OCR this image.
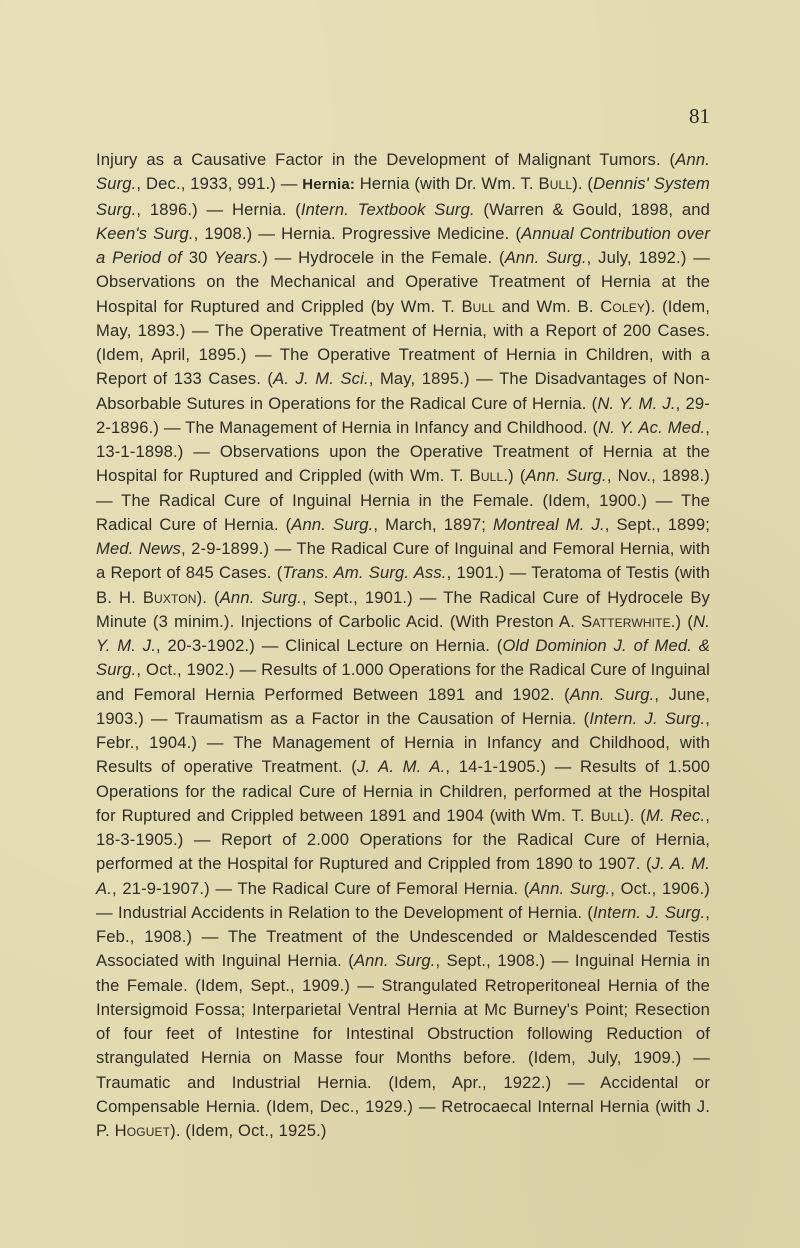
81
Injury as a Causative Factor in the Development of Malignant Tumors. (Ann. Surg., Dec., 1933, 991.) — Hernia: Hernia (with Dr. Wm. T. Bull). (Dennis' System Surg., 1896.) — Hernia. (Intern. Textbook Surg. (Warren & Gould, 1898, and Keen's Surg., 1908.) — Hernia. Progressive Medicine. (Annual Contribution over a Period of 30 Years.) — Hydrocele in the Female. (Ann. Surg., July, 1892.) — Observations on the Mechanical and Operative Treatment of Hernia at the Hospital for Ruptured and Crippled (by Wm. T. Bull and Wm. B. Coley). (Idem, May, 1893.) — The Operative Treatment of Hernia, with a Report of 200 Cases. (Idem, April, 1895.) — The Operative Treatment of Hernia in Children, with a Report of 133 Cases. (A. J. M. Sci., May, 1895.) — The Disadvantages of Non-Absorbable Sutures in Operations for the Radical Cure of Hernia. (N. Y. M. J., 29-2-1896.) — The Management of Hernia in Infancy and Childhood. (N. Y. Ac. Med., 13-1-1898.) — Observations upon the Operative Treatment of Hernia at the Hospital for Ruptured and Crippled (with Wm. T. Bull.) (Ann. Surg., Nov., 1898.) — The Radical Cure of Inguinal Hernia in the Female. (Idem, 1900.) — The Radical Cure of Hernia. (Ann. Surg., March, 1897; Montreal M. J., Sept., 1899; Med. News, 2-9-1899.) — The Radical Cure of Inguinal and Femoral Hernia, with a Report of 845 Cases. (Trans. Am. Surg. Ass., 1901.) — Teratoma of Testis (with B. H. Buxton). (Ann. Surg., Sept., 1901.) — The Radical Cure of Hydrocele By Minute (3 minim.). Injections of Carbolic Acid. (With Preston A. Satterwhite.) (N. Y. M. J., 20-3-1902.) — Clinical Lecture on Hernia. (Old Dominion J. of Med. & Surg., Oct., 1902.) — Results of 1.000 Operations for the Radical Cure of Inguinal and Femoral Hernia Performed Between 1891 and 1902. (Ann. Surg., June, 1903.) — Traumatism as a Factor in the Causation of Hernia. (Intern. J. Surg., Febr., 1904.) — The Management of Hernia in Infancy and Childhood, with Results of operative Treatment. (J. A. M. A., 14-1-1905.) — Results of 1.500 Operations for the radical Cure of Hernia in Children, performed at the Hospital for Ruptured and Crippled between 1891 and 1904 (with Wm. T. Bull). (M. Rec., 18-3-1905.) — Report of 2.000 Operations for the Radical Cure of Hernia, performed at the Hospital for Ruptured and Crippled from 1890 to 1907. (J. A. M. A., 21-9-1907.) — The Radical Cure of Femoral Hernia. (Ann. Surg., Oct., 1906.) — Industrial Accidents in Relation to the Development of Hernia. (Intern. J. Surg., Feb., 1908.) — The Treatment of the Undescended or Maldescended Testis Associated with Inguinal Hernia. (Ann. Surg., Sept., 1908.) — Inguinal Hernia in the Female. (Idem, Sept., 1909.) — Strangulated Retroperitoneal Hernia of the Intersigmoid Fossa; Interparietal Ventral Hernia at Mc Burney's Point; Resection of four feet of Intestine for Intestinal Obstruction following Reduction of strangulated Hernia on Masse four Months before. (Idem, July, 1909.) — Traumatic and Industrial Hernia. (Idem, Apr., 1922.) — Accidental or Compensable Hernia. (Idem, Dec., 1929.) — Retrocaecal Internal Hernia (with J. P. Hoguet). (Idem, Oct., 1925.)
